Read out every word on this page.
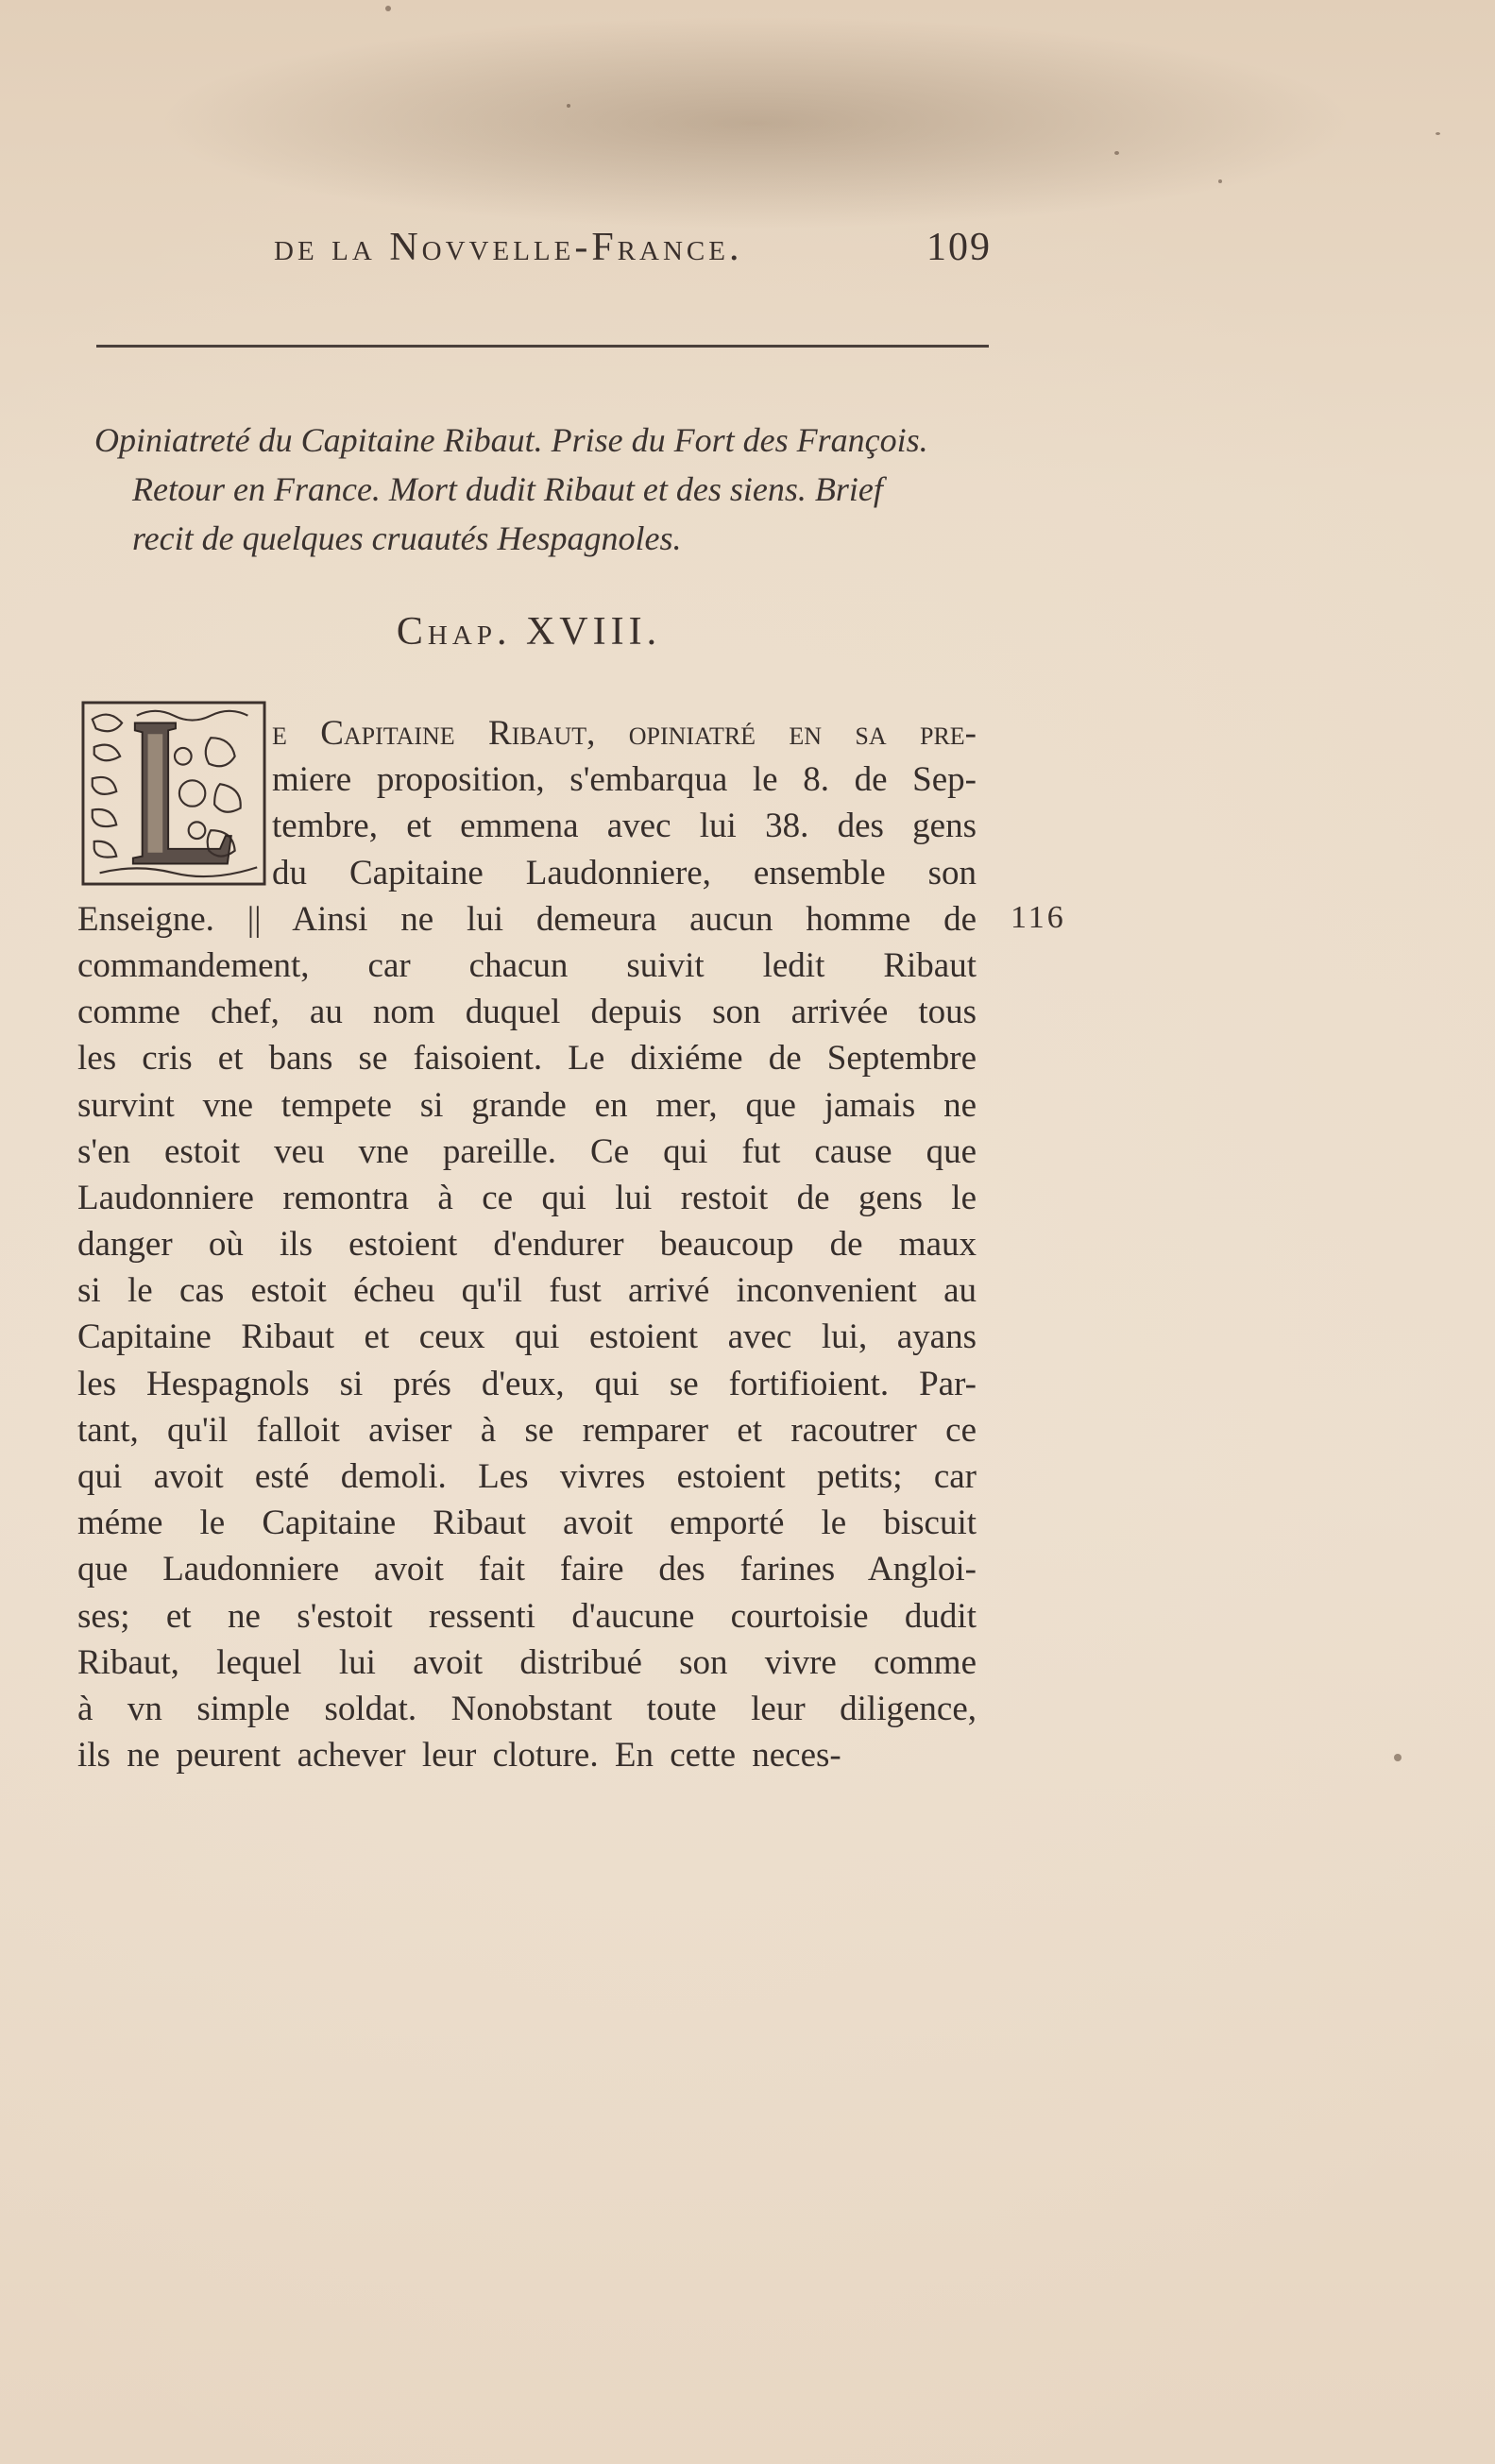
de la Novvelle-France.	109
Opiniatreté du Capitaine Ribaut. Prise du Fort des François.
Retour en France. Mort dudit Ribaut et des siens. Brief
recit de quelques cruautés Hespagnoles.
Chap. XVIII.
e Capitaine Ribaut, opiniatré en sa pre-
miere proposition, s'embarqua le 8. de Sep-
tembre, et emmena avec lui 38. des gens
du Capitaine Laudonniere, ensemble son
Enseigne. || Ainsi ne lui demeura aucun homme de
commandement, car chacun suivit ledit Ribaut
comme chef, au nom duquel depuis son arrivée tous
les cris et bans se faisoient. Le dixiéme de Septembre
survint vne tempete si grande en mer, que jamais ne
s'en estoit veu vne pareille. Ce qui fut cause que
Laudonniere remontra à ce qui lui restoit de gens le
danger où ils estoient d'endurer beaucoup de maux
si le cas estoit écheu qu'il fust arrivé inconvenient au
Capitaine Ribaut et ceux qui estoient avec lui, ayans
les Hespagnols si prés d'eux, qui se fortifioient. Par-
tant, qu'il falloit aviser à se remparer et racoutrer ce
qui avoit esté demoli. Les vivres estoient petits; car
méme le Capitaine Ribaut avoit emporté le biscuit
que Laudonniere avoit fait faire des farines Angloi-
ses; et ne s'estoit ressenti d'aucune courtoisie dudit
Ribaut, lequel lui avoit distribué son vivre comme
à vn simple soldat. Nonobstant toute leur diligence,
ils ne peurent achever leur cloture. En cette neces-
116
